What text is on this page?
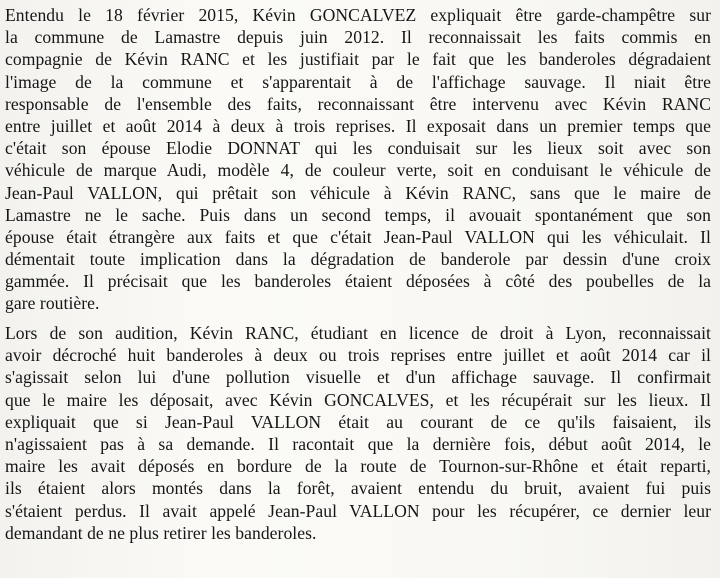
Entendu le 18 février 2015, Kévin GONCALVEZ expliquait être garde-champêtre sur
la commune de Lamastre depuis juin 2012. Il reconnaissait les faits commis en
compagnie de Kévin RANC et les justifiait par le fait que les banderoles dégradaient
l'image de la commune et s'apparentait à de l'affichage sauvage. Il niait être
responsable de l'ensemble des faits, reconnaissant être intervenu avec Kévin RANC
entre juillet et août 2014 à deux à trois reprises. Il exposait dans un premier temps que
c'était son épouse Elodie DONNAT qui les conduisait sur les lieux soit avec son
véhicule de marque Audi, modèle 4, de couleur verte, soit en conduisant le véhicule de
Jean-Paul VALLON, qui prêtait son véhicule à Kévin RANC, sans que le maire de
Lamastre ne le sache. Puis dans un second temps, il avouait spontanément que son
épouse était étrangère aux faits et que c'était Jean-Paul VALLON qui les véhiculait. Il
démentait toute implication dans la dégradation de banderole par dessin d'une croix
gammée. Il précisait que les banderoles étaient déposées à côté des poubelles de la
gare routière.
Lors de son audition, Kévin RANC, étudiant en licence de droit à Lyon, reconnaissait
avoir décroché huit banderoles à deux ou trois reprises entre juillet et août 2014 car il
s'agissait selon lui d'une pollution visuelle et d'un affichage sauvage. Il confirmait
que le maire les déposait, avec Kévin GONCALVES, et les récupérait sur les lieux. Il
expliquait que si Jean-Paul VALLON était au courant de ce qu'ils faisaient, ils
n'agissaient pas à sa demande. Il racontait que la dernière fois, début août 2014, le
maire les avait déposés en bordure de la route de Tournon-sur-Rhône et était reparti,
ils étaient alors montés dans la forêt, avaient entendu du bruit, avaient fui puis
s'étaient perdus. Il avait appelé Jean-Paul VALLON pour les récupérer, ce dernier leur
demandant de ne plus retirer les banderoles.
